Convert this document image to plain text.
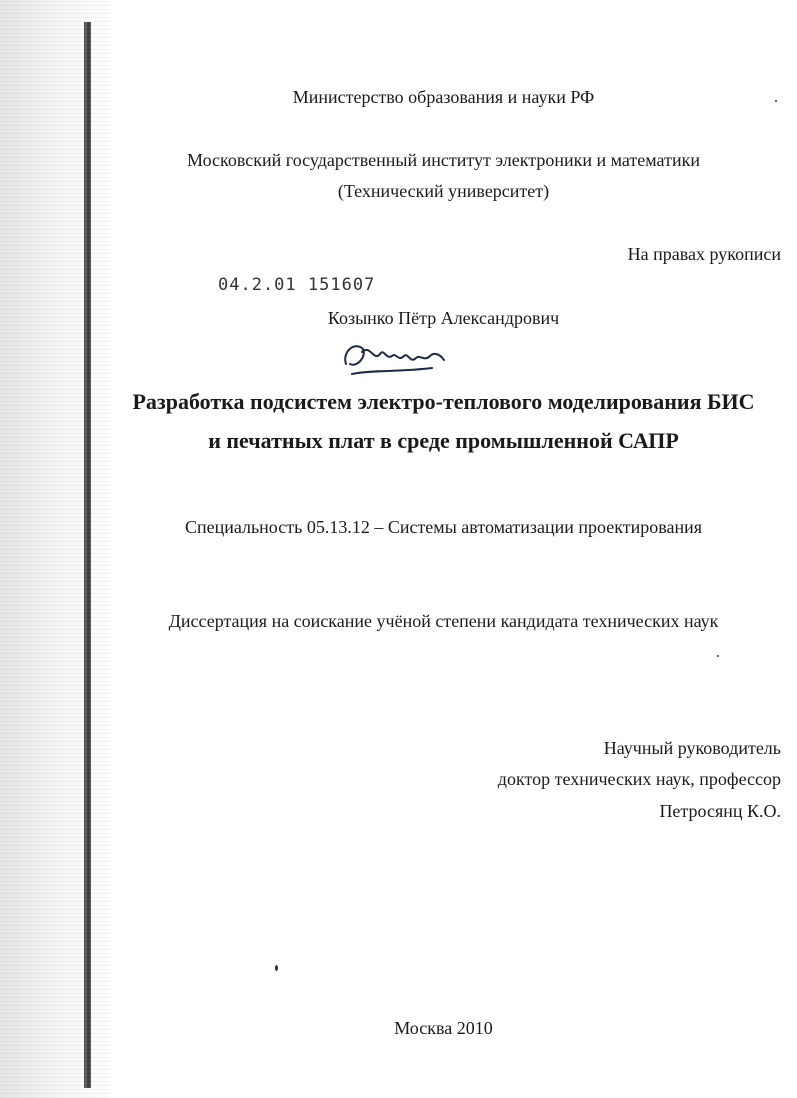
Министерство образования и науки РФ
Московский государственный институт электроники и математики
(Технический университет)
На правах рукописи
04.2.01 151607
Козынко Пётр Александрович
Разработка подсистем электро-теплового моделирования БИС
и печатных плат в среде промышленной САПР
Специальность 05.13.12 – Системы автоматизации проектирования
Диссертация на соискание учёной степени кандидата технических наук
Научный руководитель
доктор технических наук, профессор
Петросянц К.О.
Москва 2010
